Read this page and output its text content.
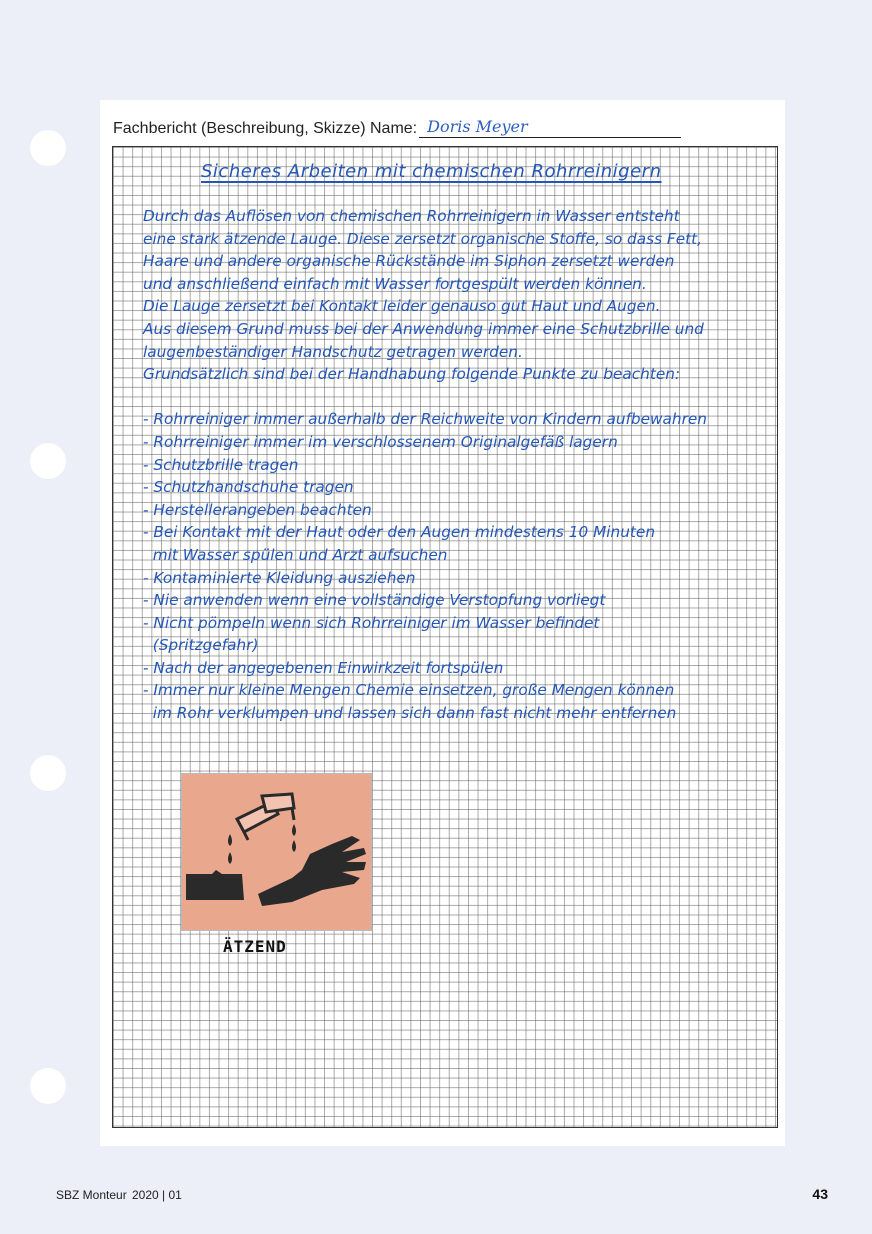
Fachbericht (Beschreibung, Skizze) Name: Doris Meyer
Sicheres Arbeiten mit chemischen Rohrreinigern
Durch das Auflösen von chemischen Rohrreinigern in Wasser entsteht
eine stark ätzende Lauge. Diese zersetzt organische Stoffe, so dass Fett,
Haare und andere organische Rückstände im Siphon zersetzt werden
und anschließend einfach mit Wasser fortgespült werden können.
Die Lauge zersetzt bei Kontakt leider genauso gut Haut und Augen.
Aus diesem Grund muss bei der Anwendung immer eine Schutzbrille und
laugenbeständiger Handschutz getragen werden.
Grundsätzlich sind bei der Handhabung folgende Punkte zu beachten:
- Rohrreiniger immer außerhalb der Reichweite von Kindern aufbewahren
- Rohrreiniger immer im verschlossenem Originalgefäß lagern
- Schutzbrille tragen
- Schutzhandschuhe tragen
- Herstellerangeben beachten
- Bei Kontakt mit der Haut oder den Augen mindestens 10 Minuten
mit Wasser spülen und Arzt aufsuchen
- Kontaminierte Kleidung ausziehen
- Nie anwenden wenn eine vollständige Verstopfung vorliegt
- Nicht pömpeln wenn sich Rohrreiniger im Wasser befindet
(Spritzgefahr)
- Nach der angegebenen Einwirkzeit fortspülen
- Immer nur kleine Mengen Chemie einsetzen, große Mengen können
im Rohr verklumpen und lassen sich dann fast nicht mehr entfernen
ÄTZEND
SBZ Monteur 2020 | 01	43
